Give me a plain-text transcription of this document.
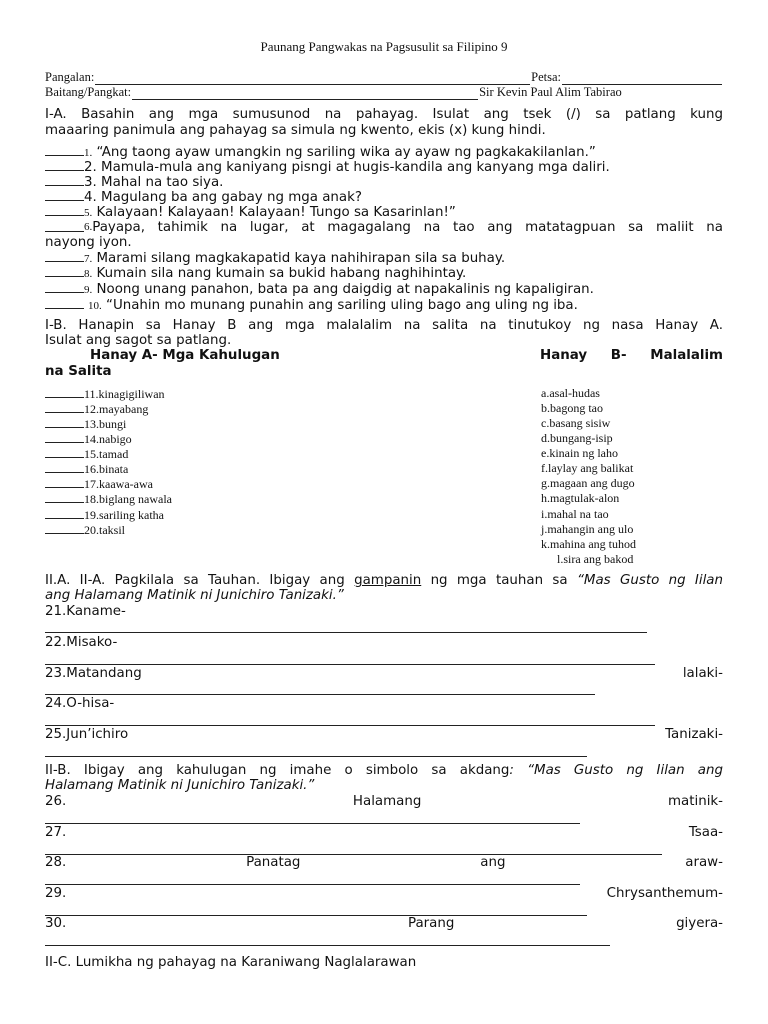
Paunang Pangwakas na Pagsusulit sa Filipino 9
Pangalan:	Petsa:
Baitang/Pangkat:	Sir Kevin Paul Alim Tabirao
I-A. Basahin ang mga sumusunod na pahayag. Isulat ang tsek (/) sa patlang kung
maaaring panimula ang pahayag sa simula ng kwento, ekis (x) kung hindi.
1. “Ang taong ayaw umangkin ng sariling wika ay ayaw ng pagkakakilanlan.”
2. Mamula-mula ang kaniyang pisngi at hugis-kandila ang kanyang mga daliri.
3. Mahal na tao siya.
4. Magulang ba ang gabay ng mga anak?
5. Kalayaan! Kalayaan! Kalayaan! Tungo sa Kasarinlan!”
6. Payapa, tahimik na lugar, at magagalang na tao ang matatagpuan sa maliit na
nayong iyon.
7. Marami silang magkakapatid kaya nahihirapan sila sa buhay.
8. Kumain sila nang kumain sa bukid habang naghihintay.
9. Noong unang panahon, bata pa ang daigdig at napakalinis ng kapaligiran.
10. “Unahin mo munang punahin ang sariling uling bago ang uling ng iba.
I-B. Hanapin sa Hanay B ang mga malalalim na salita na tinutukoy ng nasa Hanay A.
Isulat ang sagot sa patlang.
Hanay A- Mga Kahulugan	Hanay B- Malalalim
na Salita
11.kinagigiliwan
12.mayabang
13.bungi
14.nabigo
15.tamad
16.binata
17.kaawa-awa
18.biglang nawala
19.sariling katha
20.taksil
a.asal-hudas
b.bagong tao
c.basang sisiw
d.bungang-isip
e.kinain ng laho
f.laylay ang balikat
g.magaan ang dugo
h.magtulak-alon
i.mahal na tao
j.mahangin ang ulo
k.mahina ang tuhod
l.sira ang bakod
II.A. II-A. Pagkilala sa Tauhan. Ibigay ang gampanin ng mga tauhan sa “Mas Gusto ng Iilan
ang Halamang Matinik ni Junichiro Tanizaki.”
21.Kaname-
22.Misako-
23.Matandang	lalaki-
24.O-hisa-
25.Jun’ichiro	Tanizaki-
II-B. Ibigay ang kahulugan ng imahe o simbolo sa akdang: “Mas Gusto ng Iilan ang
Halamang Matinik ni Junichiro Tanizaki.”
26.	Halamang	matinik-
27.	Tsaa-
28.	Panatag	ang	araw-
29.	Chrysanthemum-
30.	Parang	giyera-
II-C. Lumikha ng pahayag na Karaniwang Naglalarawan
